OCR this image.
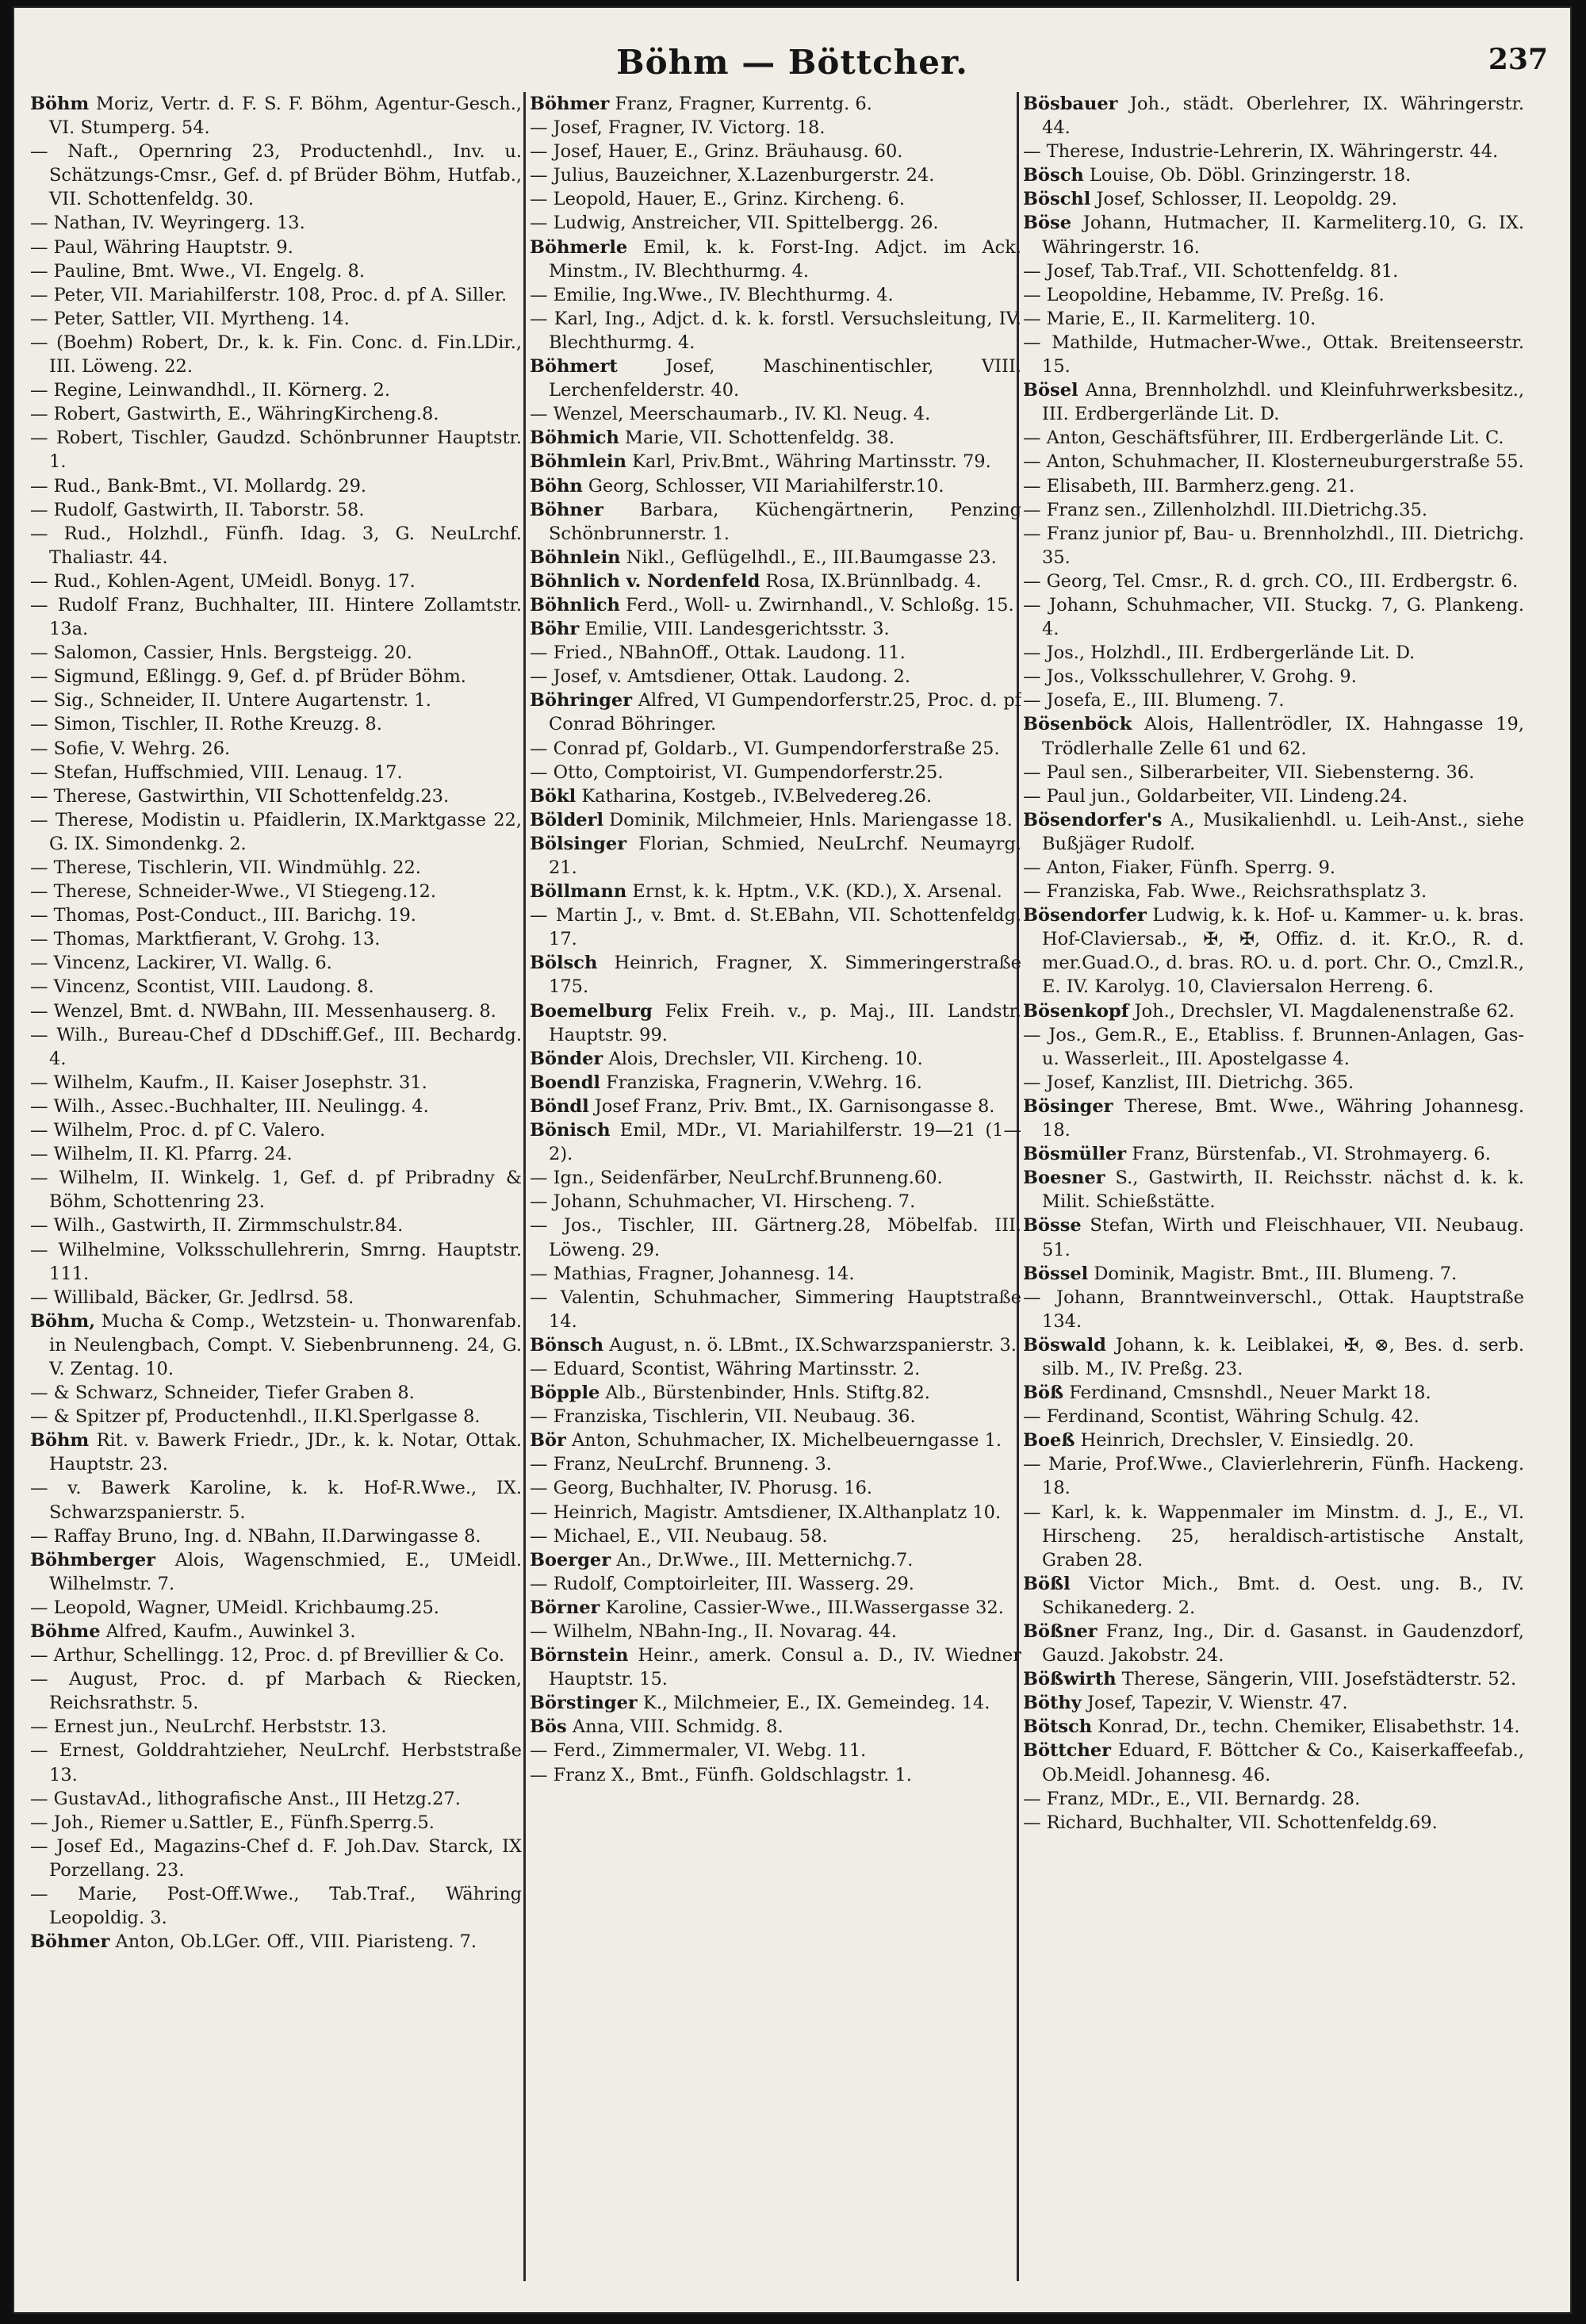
Böhm — Böttcher.	237

Böhm Moriz, Vertr. d. F. S. F. Böhm, Agentur-Gesch., VI. Stumperg. 54.

— Naft., Opernring 23, Productenhdl., Inv. u. Schätzungs-Cmsr., Gef. d. pf Brüder Böhm, Hutfab., VII. Schottenfeldg. 30.

— Nathan, IV. Weyringerg. 13.

— Paul, Währing Hauptstr. 9.

— Pauline, Bmt. Wwe., VI. Engelg. 8.

— Peter, VII. Mariahilferstr. 108, Proc. d. pf A. Siller.

— Peter, Sattler, VII. Myrtheng. 14.

— (Boehm) Robert, Dr., k. k. Fin. Conc. d. Fin.LDir., III. Löweng. 22.

— Regine, Leinwandhdl., II. Körnerg. 2.

— Robert, Gastwirth, E., WähringKircheng.8.

— Robert, Tischler, Gaudzd. Schönbrunner Hauptstr. 1.

— Rud., Bank-Bmt., VI. Mollardg. 29.

— Rudolf, Gastwirth, II. Taborstr. 58.

— Rud., Holzhdl., Fünfh. Idag. 3, G. NeuLrchf. Thaliastr. 44.

— Rud., Kohlen-Agent, UMeidl. Bonyg. 17.

— Rudolf Franz, Buchhalter, III. Hintere Zollamtstr. 13a.

— Salomon, Cassier, Hnls. Bergsteigg. 20.

— Sigmund, Eßlingg. 9, Gef. d. pf Brüder Böhm.

— Sig., Schneider, II. Untere Augartenstr. 1.

— Simon, Tischler, II. Rothe Kreuzg. 8.

— Sofie, V. Wehrg. 26.

— Stefan, Huffschmied, VIII. Lenaug. 17.

— Therese, Gastwirthin, VII Schottenfeldg.23.

— Therese, Modistin u. Pfaidlerin, IX.Marktgasse 22, G. IX. Simondenkg. 2.

— Therese, Tischlerin, VII. Windmühlg. 22.

— Therese, Schneider-Wwe., VI Stiegeng.12.

— Thomas, Post-Conduct., III. Barichg. 19.

— Thomas, Marktfierant, V. Grohg. 13.

— Vincenz, Lackirer, VI. Wallg. 6.

— Vincenz, Scontist, VIII. Laudong. 8.

— Wenzel, Bmt. d. NWBahn, III. Messenhauserg. 8.

— Wilh., Bureau-Chef d DDschiff.Gef., III. Bechardg. 4.

— Wilhelm, Kaufm., II. Kaiser Josephstr. 31.

— Wilh., Assec.-Buchhalter, III. Neulingg. 4.

— Wilhelm, Proc. d. pf C. Valero.

— Wilhelm, II. Kl. Pfarrg. 24.

— Wilhelm, II. Winkelg. 1, Gef. d. pf Pribradny & Böhm, Schottenring 23.

— Wilh., Gastwirth, II. Zirmmschulstr.84.

— Wilhelmine, Volksschullehrerin, Smrng. Hauptstr. 111.

— Willibald, Bäcker, Gr. Jedlrsd. 58.

Böhm, Mucha & Comp., Wetzstein- u. Thonwarenfab. in Neulengbach, Compt. V. Siebenbrunneng. 24, G. V. Zentag. 10.

— & Schwarz, Schneider, Tiefer Graben 8.

— & Spitzer pf, Productenhdl., II.Kl.Sperlgasse 8.

Böhm Rit. v. Bawerk Friedr., JDr., k. k. Notar, Ottak. Hauptstr. 23.

— v. Bawerk Karoline, k. k. Hof-R.Wwe., IX. Schwarzspanierstr. 5.

— Raffay Bruno, Ing. d. NBahn, II.Darwingasse 8.

Böhmberger Alois, Wagenschmied, E., UMeidl. Wilhelmstr. 7.

— Leopold, Wagner, UMeidl. Krichbaumg.25.

Böhme Alfred, Kaufm., Auwinkel 3.

— Arthur, Schellingg. 12, Proc. d. pf Brevillier & Co.

— August, Proc. d. pf Marbach & Riecken, Reichsrathstr. 5.

— Ernest jun., NeuLrchf. Herbststr. 13.

— Ernest, Golddrahtzieher, NeuLrchf. Herbststraße 13.

— GustavAd., lithografische Anst., III Hetzg.27.

— Joh., Riemer u.Sattler, E., Fünfh.Sperrg.5.

— Josef Ed., Magazins-Chef d. F. Joh.Dav. Starck, IX Porzellang. 23.

— Marie, Post-Off.Wwe., Tab.Traf., Währing Leopoldig. 3.

Böhmer Anton, Ob.LGer. Off., VIII. Piaristeng. 7.

Böhmer Franz, Fragner, Kurrentg. 6.

— Josef, Fragner, IV. Victorg. 18.

— Josef, Hauer, E., Grinz. Bräuhausg. 60.

— Julius, Bauzeichner, X.Lazenburgerstr. 24.

— Leopold, Hauer, E., Grinz. Kircheng. 6.

— Ludwig, Anstreicher, VII. Spittelbergg. 26.

Böhmerle Emil, k. k. Forst-Ing. Adjct. im Ack. Minstm., IV. Blechthurmg. 4.

— Emilie, Ing.Wwe., IV. Blechthurmg. 4.

— Karl, Ing., Adjct. d. k. k. forstl. Versuchsleitung, IV. Blechthurmg. 4.

Böhmert Josef, Maschinentischler, VIII. Lerchenfelderstr. 40.

— Wenzel, Meerschaumarb., IV. Kl. Neug. 4.

Böhmich Marie, VII. Schottenfeldg. 38.

Böhmlein Karl, Priv.Bmt., Währing Martinsstr. 79.

Böhn Georg, Schlosser, VII Mariahilferstr.10.

Böhner Barbara, Küchengärtnerin, Penzing Schönbrunnerstr. 1.

Böhnlein Nikl., Geflügelhdl., E., III.Baumgasse 23.

Böhnlich v. Nordenfeld Rosa, IX.Brünnlbadg. 4.

Böhnlich Ferd., Woll- u. Zwirnhandl., V. Schloßg. 15.

Böhr Emilie, VIII. Landesgerichtsstr. 3.

— Fried., NBahnOff., Ottak. Laudong. 11.

— Josef, v. Amtsdiener, Ottak. Laudong. 2.

Böhringer Alfred, VI Gumpendorferstr.25, Proc. d. pf Conrad Böhringer.

— Conrad pf, Goldarb., VI. Gumpendorferstraße 25.

— Otto, Comptoirist, VI. Gumpendorferstr.25.

Bökl Katharina, Kostgeb., IV.Belvedereg.26.

Bölderl Dominik, Milchmeier, Hnls. Mariengasse 18.

Bölsinger Florian, Schmied, NeuLrchf. Neumayrg. 21.

Böllmann Ernst, k. k. Hptm., V.K. (KD.), X. Arsenal.

— Martin J., v. Bmt. d. St.EBahn, VII. Schottenfeldg. 17.

Bölsch Heinrich, Fragner, X. Simmeringerstraße 175.

Boemelburg Felix Freih. v., p. Maj., III. Landstr. Hauptstr. 99.

Bönder Alois, Drechsler, VII. Kircheng. 10.

Boendl Franziska, Fragnerin, V.Wehrg. 16.

Böndl Josef Franz, Priv. Bmt., IX. Garnisongasse 8.

Bönisch Emil, MDr., VI. Mariahilferstr. 19—21 (1—2).

— Ign., Seidenfärber, NeuLrchf.Brunneng.60.

— Johann, Schuhmacher, VI. Hirscheng. 7.

— Jos., Tischler, III. Gärtnerg.28, Möbelfab. III. Löweng. 29.

— Mathias, Fragner, Johannesg. 14.

— Valentin, Schuhmacher, Simmering Hauptstraße 14.

Bönsch August, n. ö. LBmt., IX.Schwarzspanierstr. 3.

— Eduard, Scontist, Währing Martinsstr. 2.

Böpple Alb., Bürstenbinder, Hnls. Stiftg.82.

— Franziska, Tischlerin, VII. Neubaug. 36.

Bör Anton, Schuhmacher, IX. Michelbeuerngasse 1.

— Franz, NeuLrchf. Brunneng. 3.

— Georg, Buchhalter, IV. Phorusg. 16.

— Heinrich, Magistr. Amtsdiener, IX.Althanplatz 10.

— Michael, E., VII. Neubaug. 58.

Boerger An., Dr.Wwe., III. Metternichg.7.

— Rudolf, Comptoirleiter, III. Wasserg. 29.

Börner Karoline, Cassier-Wwe., III.Wassergasse 32.

— Wilhelm, NBahn-Ing., II. Novarag. 44.

Börnstein Heinr., amerk. Consul a. D., IV. Wiedner Hauptstr. 15.

Börstinger K., Milchmeier, E., IX. Gemeindeg. 14.

Bös Anna, VIII. Schmidg. 8.

— Ferd., Zimmermaler, VI. Webg. 11.

— Franz X., Bmt., Fünfh. Goldschlagstr. 1.

Bösbauer Joh., städt. Oberlehrer, IX. Währingerstr. 44.

— Therese, Industrie-Lehrerin, IX. Währingerstr. 44.

Bösch Louise, Ob. Döbl. Grinzingerstr. 18.

Böschl Josef, Schlosser, II. Leopoldg. 29.

Böse Johann, Hutmacher, II. Karmeliterg.10, G. IX. Währingerstr. 16.

— Josef, Tab.Traf., VII. Schottenfeldg. 81.

— Leopoldine, Hebamme, IV. Preßg. 16.

— Marie, E., II. Karmeliterg. 10.

— Mathilde, Hutmacher-Wwe., Ottak. Breitenseerstr. 15.

Bösel Anna, Brennholzhdl. und Kleinfuhrwerksbesitz., III. Erdbergerlände Lit. D.

— Anton, Geschäftsführer, III. Erdbergerlände Lit. C.

— Anton, Schuhmacher, II. Klosterneuburgerstraße 55.

— Elisabeth, III. Barmherz.geng. 21.

— Franz sen., Zillenholzhdl. III.Dietrichg.35.

— Franz junior pf, Bau- u. Brennholzhdl., III. Dietrichg. 35.

— Georg, Tel. Cmsr., R. d. grch. CO., III. Erdbergstr. 6.

— Johann, Schuhmacher, VII. Stuckg. 7, G. Plankeng. 4.

— Jos., Holzhdl., III. Erdbergerlände Lit. D.

— Jos., Volksschullehrer, V. Grohg. 9.

— Josefa, E., III. Blumeng. 7.

Bösenböck Alois, Hallentrödler, IX. Hahngasse 19, Trödlerhalle Zelle 61 und 62.

— Paul sen., Silberarbeiter, VII. Siebensterng. 36.

— Paul jun., Goldarbeiter, VII. Lindeng.24.

Bösendorfer's A., Musikalienhdl. u. Leih-Anst., siehe Bußjäger Rudolf.

— Anton, Fiaker, Fünfh. Sperrg. 9.

— Franziska, Fab. Wwe., Reichsrathsplatz 3.

Bösendorfer Ludwig, k. k. Hof- u. Kammer- u. k. bras. Hof-Claviersab., ✠, ✠, Offiz. d. it. Kr.O., R. d. mer.Guad.O., d. bras. RO. u. d. port. Chr. O., Cmzl.R., E. IV. Karolyg. 10, Claviersalon Herreng. 6.

Bösenkopf Joh., Drechsler, VI. Magdalenenstraße 62.

— Jos., Gem.R., E., Etabliss. f. Brunnen-Anlagen, Gas- u. Wasserleit., III. Apostelgasse 4.

— Josef, Kanzlist, III. Dietrichg. 365.

Bösinger Therese, Bmt. Wwe., Währing Johannesg. 18.

Bösmüller Franz, Bürstenfab., VI. Strohmayerg. 6.

Boesner S., Gastwirth, II. Reichsstr. nächst d. k. k. Milit. Schießstätte.

Bösse Stefan, Wirth und Fleischhauer, VII. Neubaug. 51.

Bössel Dominik, Magistr. Bmt., III. Blumeng. 7.

— Johann, Branntweinverschl., Ottak. Hauptstraße 134.

Böswald Johann, k. k. Leiblakei, ✠, ⊗, Bes. d. serb. silb. M., IV. Preßg. 23.

Böß Ferdinand, Cmsnshdl., Neuer Markt 18.

— Ferdinand, Scontist, Währing Schulg. 42.

Boeß Heinrich, Drechsler, V. Einsiedlg. 20.

— Marie, Prof.Wwe., Clavierlehrerin, Fünfh. Hackeng. 18.

— Karl, k. k. Wappenmaler im Minstm. d. J., E., VI. Hirscheng. 25, heraldisch-artistische Anstalt, Graben 28.

Bößl Victor Mich., Bmt. d. Oest. ung. B., IV. Schikanederg. 2.

Bößner Franz, Ing., Dir. d. Gasanst. in Gaudenzdorf, Gauzd. Jakobstr. 24.

Bößwirth Therese, Sängerin, VIII. Josefstädterstr. 52.

Böthy Josef, Tapezir, V. Wienstr. 47.

Bötsch Konrad, Dr., techn. Chemiker, Elisabethstr. 14.

Böttcher Eduard, F. Böttcher & Co., Kaiserkaffeefab., Ob.Meidl. Johannesg. 46.

— Franz, MDr., E., VII. Bernardg. 28.

— Richard, Buchhalter, VII. Schottenfeldg.69.
